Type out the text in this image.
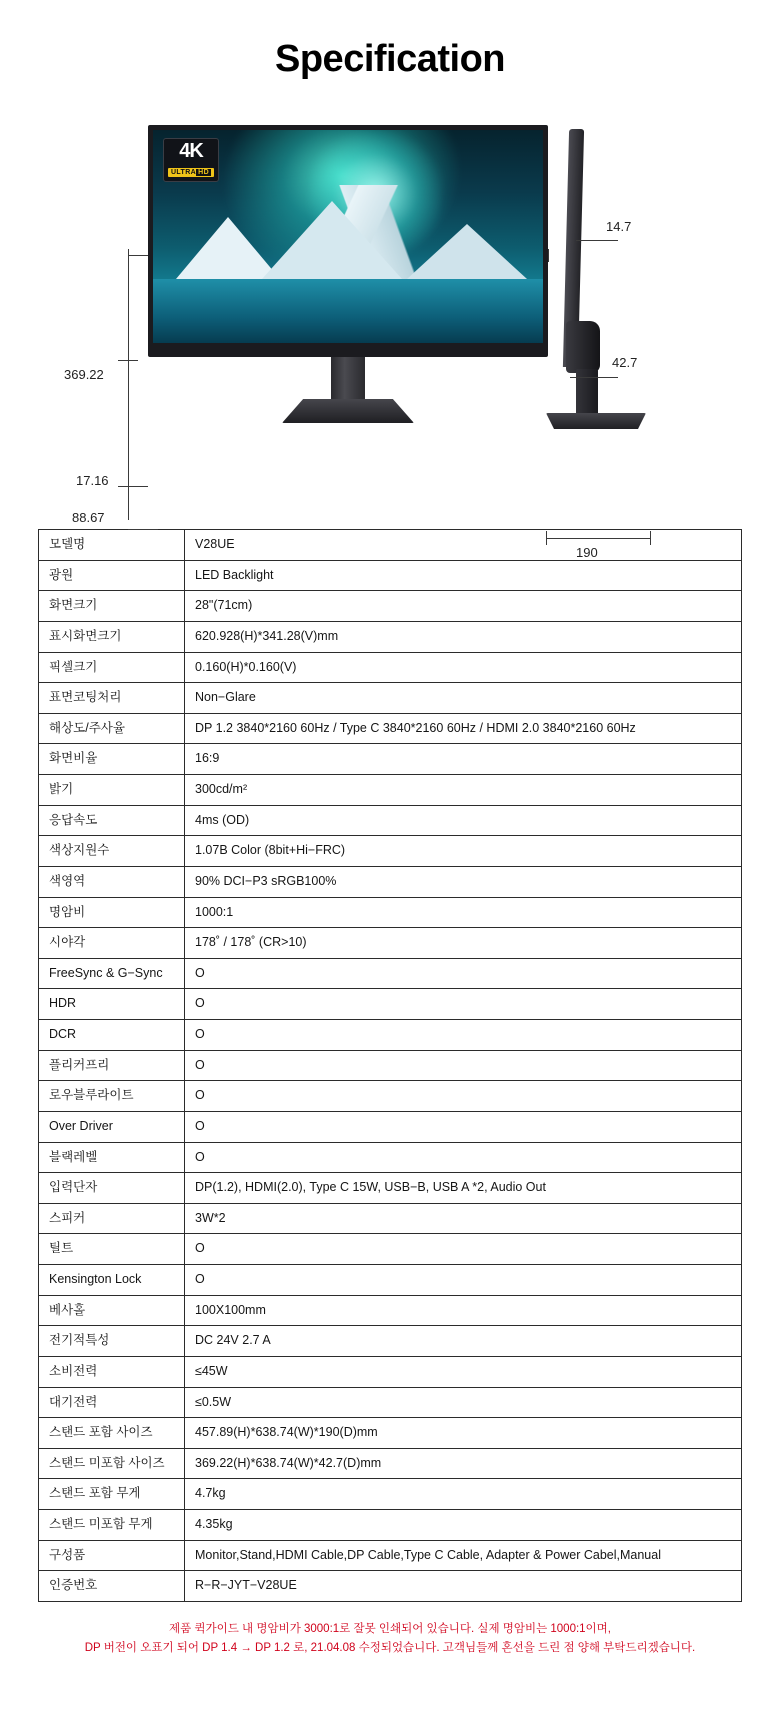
Specification
369.22
17.16
88.67
4K
ULTRA HD
14.7
42.7
190
모델명	V28UE
광원	LED Backlight
화면크기	28"(71cm)
표시화면크기	620.928(H)*341.28(V)mm
픽셀크기	0.160(H)*0.160(V)
표면코팅처리	Non−Glare
해상도/주사율	DP 1.2 3840*2160 60Hz / Type C 3840*2160 60Hz / HDMI 2.0 3840*2160 60Hz
화면비율	16:9
밝기	300cd/m²
응답속도	4ms (OD)
색상지원수	1.07B Color (8bit+Hi−FRC)
색영역	90% DCI−P3 sRGB100%
명암비	1000:1
시야각	178˚ / 178˚ (CR>10)
FreeSync & G−Sync	O
HDR	O
DCR	O
플리커프리	O
로우블루라이트	O
Over Driver	O
블랙레벨	O
입력단자	DP(1.2), HDMI(2.0), Type C 15W, USB−B, USB A *2, Audio Out
스피커	3W*2
틸트	O
Kensington Lock	O
베사홀	100X100mm
전기적특성	DC 24V 2.7 A
소비전력	≤45W
대기전력	≤0.5W
스탠드 포함 사이즈	457.89(H)*638.74(W)*190(D)mm
스탠드 미포함 사이즈	369.22(H)*638.74(W)*42.7(D)mm
스탠드 포함 무게	4.7kg
스탠드 미포함 무게	4.35kg
구성품	Monitor,Stand,HDMI Cable,DP Cable,Type C Cable, Adapter & Power Cabel,Manual
인증번호	R−R−JYT−V28UE
제품 퀵가이드 내 명암비가 3000:1로 잘못 인쇄되어 있습니다. 실제 명암비는 1000:1이며,
DP 버전이 오표기 되어 DP 1.4 → DP 1.2 로, 21.04.08 수정되었습니다. 고객님들께 혼선을 드린 점 양해 부탁드리겠습니다.
